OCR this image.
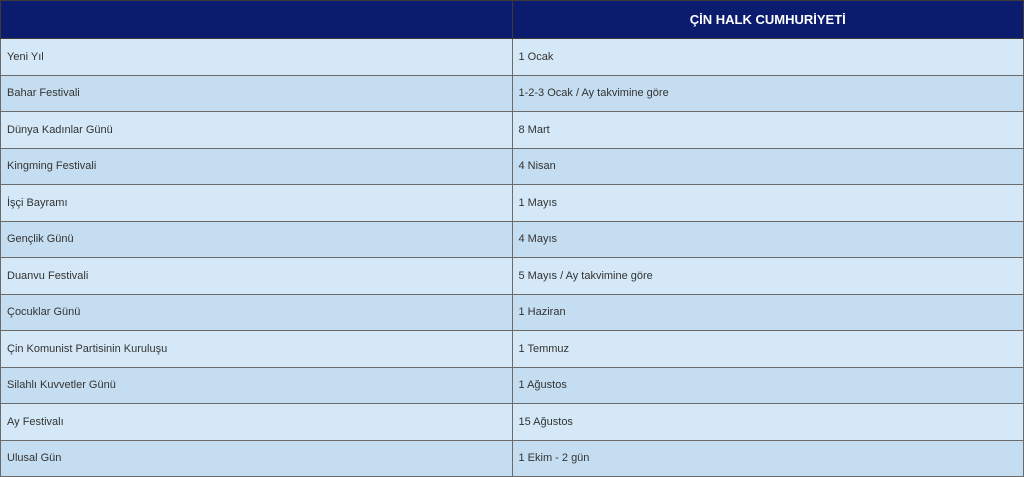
	ÇİN HALK CUMHURİYETİ
Yeni Yıl	1 Ocak
Bahar Festivali	1-2-3 Ocak / Ay takvimine göre
Dünya Kadınlar Günü	8 Mart
Kingming Festivali	4 Nisan
İşçi Bayramı	1 Mayıs
Gençlik Günü	4 Mayıs
Duanvu Festivali	5 Mayıs / Ay takvimine göre
Çocuklar Günü	1 Haziran
Çin Komunist Partisinin Kuruluşu	1 Temmuz
Silahlı Kuvvetler Günü	1 Ağustos
Ay Festivalı	15 Ağustos
Ulusal Gün	1 Ekim - 2 gün
